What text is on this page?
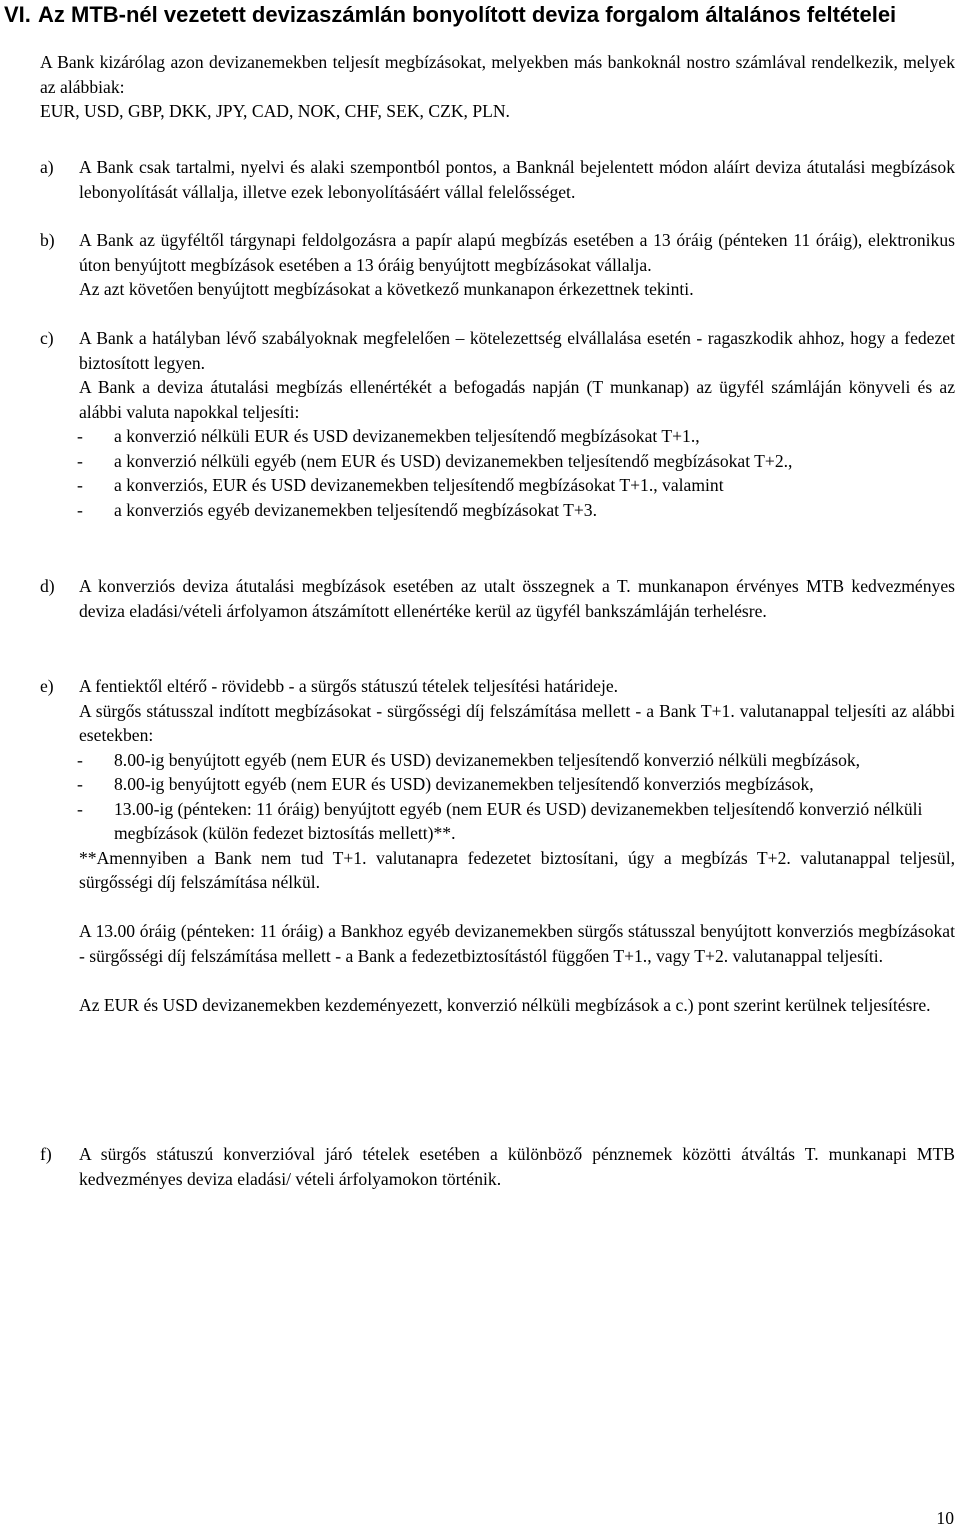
VI. Az MTB-nél vezetett devizaszámlán bonyolított deviza forgalom általános feltételei

A Bank kizárólag azon devizanemekben teljesít megbízásokat, melyekben más bankoknál nostro számlával rendelkezik, melyek az alábbiak:

EUR, USD, GBP, DKK, JPY, CAD, NOK, CHF, SEK, CZK, PLN.

a)	A Bank csak tartalmi, nyelvi és alaki szempontból pontos, a Banknál bejelentett módon aláírt deviza átutalási megbízások lebonyolítását vállalja, illetve ezek lebonyolításáért vállal felelősséget.

b)	A Bank az ügyféltől tárgynapi feldolgozásra a papír alapú megbízás esetében a 13 óráig (pénteken 11 óráig), elektronikus úton benyújtott megbízások esetében a 13 óráig benyújtott megbízásokat vállalja.

Az azt követően benyújtott megbízásokat a következő munkanapon érkezettnek tekinti.

c)	A Bank a hatályban lévő szabályoknak megfelelően – kötelezettség elvállalása esetén - ragaszkodik ahhoz, hogy a fedezet biztosított legyen.

A Bank a deviza átutalási megbízás ellenértékét a befogadás napján (T munkanap) az ügyfél számláján könyveli és az alábbi valuta napokkal teljesíti:

- a konverzió nélküli EUR és USD devizanemekben teljesítendő megbízásokat T+1.,
- a konverzió nélküli egyéb (nem EUR és USD) devizanemekben teljesítendő megbízásokat T+2.,
- a konverziós, EUR és USD devizanemekben teljesítendő megbízásokat T+1., valamint
- a konverziós egyéb devizanemekben teljesítendő megbízásokat T+3.
d)	A konverziós deviza átutalási megbízások esetében az utalt összegnek a T. munkanapon érvényes MTB kedvezményes deviza eladási/vételi árfolyamon átszámított ellenértéke kerül az ügyfél bankszámláján terhelésre.

e)	A fentiektől eltérő - rövidebb - a sürgős státuszú tételek teljesítési határideje.

A sürgős státusszal indított megbízásokat - sürgősségi díj felszámítása mellett - a Bank T+1. valutanappal teljesíti az alábbi esetekben:

- 8.00-ig benyújtott egyéb (nem EUR és USD) devizanemekben teljesítendő konverzió nélküli megbízások,
- 8.00-ig benyújtott egyéb (nem EUR és USD) devizanemekben teljesítendő konverziós megbízások,
- 13.00-ig (pénteken: 11 óráig) benyújtott egyéb (nem EUR és USD) devizanemekben teljesítendő konverzió nélküli megbízások (külön fedezet biztosítás mellett)**.

**Amennyiben a Bank nem tud T+1. valutanapra fedezetet biztosítani, úgy a megbízás T+2. valutanappal teljesül, sürgősségi díj felszámítása nélkül.

A 13.00 óráig (pénteken: 11 óráig) a Bankhoz egyéb devizanemekben sürgős státusszal benyújtott konverziós megbízásokat - sürgősségi díj felszámítása mellett - a Bank a fedezetbiztosítástól függően T+1., vagy T+2. valutanappal teljesíti.

Az EUR és USD devizanemekben kezdeményezett, konverzió nélküli megbízások a c.) pont szerint kerülnek teljesítésre.

f)	A sürgős státuszú konverzióval járó tételek esetében a különböző pénznemek közötti átváltás T. munkanapi MTB kedvezményes deviza eladási/ vételi árfolyamokon történik.

10
